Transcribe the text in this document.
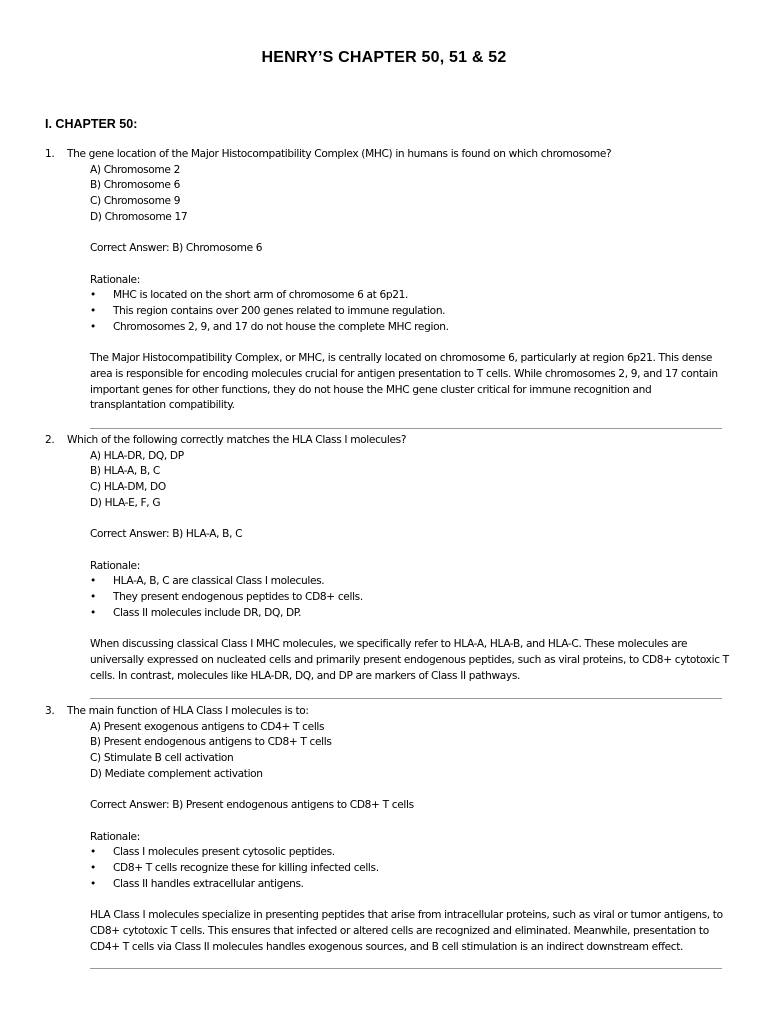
HENRY’S CHAPTER 50, 51 & 52
I. CHAPTER 50:
1. The gene location of the Major Histocompatibility Complex (MHC) in humans is found on which chromosome?
A) Chromosome 2
B) Chromosome 6
C) Chromosome 9
D) Chromosome 17
Correct Answer: B) Chromosome 6
Rationale:
• MHC is located on the short arm of chromosome 6 at 6p21.
• This region contains over 200 genes related to immune regulation.
• Chromosomes 2, 9, and 17 do not house the complete MHC region.
The Major Histocompatibility Complex, or MHC, is centrally located on chromosome 6, particularly at region 6p21. This dense area is responsible for encoding molecules crucial for antigen presentation to T cells. While chromosomes 2, 9, and 17 contain important genes for other functions, they do not house the MHC gene cluster critical for immune recognition and transplantation compatibility.
2. Which of the following correctly matches the HLA Class I molecules?
A) HLA-DR, DQ, DP
B) HLA-A, B, C
C) HLA-DM, DO
D) HLA-E, F, G
Correct Answer: B) HLA-A, B, C
Rationale:
• HLA-A, B, C are classical Class I molecules.
• They present endogenous peptides to CD8+ cells.
• Class II molecules include DR, DQ, DP.
When discussing classical Class I MHC molecules, we specifically refer to HLA-A, HLA-B, and HLA-C. These molecules are universally expressed on nucleated cells and primarily present endogenous peptides, such as viral proteins, to CD8+ cytotoxic T cells. In contrast, molecules like HLA-DR, DQ, and DP are markers of Class II pathways.
3. The main function of HLA Class I molecules is to:
A) Present exogenous antigens to CD4+ T cells
B) Present endogenous antigens to CD8+ T cells
C) Stimulate B cell activation
D) Mediate complement activation
Correct Answer: B) Present endogenous antigens to CD8+ T cells
Rationale:
• Class I molecules present cytosolic peptides.
• CD8+ T cells recognize these for killing infected cells.
• Class II handles extracellular antigens.
HLA Class I molecules specialize in presenting peptides that arise from intracellular proteins, such as viral or tumor antigens, to CD8+ cytotoxic T cells. This ensures that infected or altered cells are recognized and eliminated. Meanwhile, presentation to CD4+ T cells via Class II molecules handles exogenous sources, and B cell stimulation is an indirect downstream effect.
